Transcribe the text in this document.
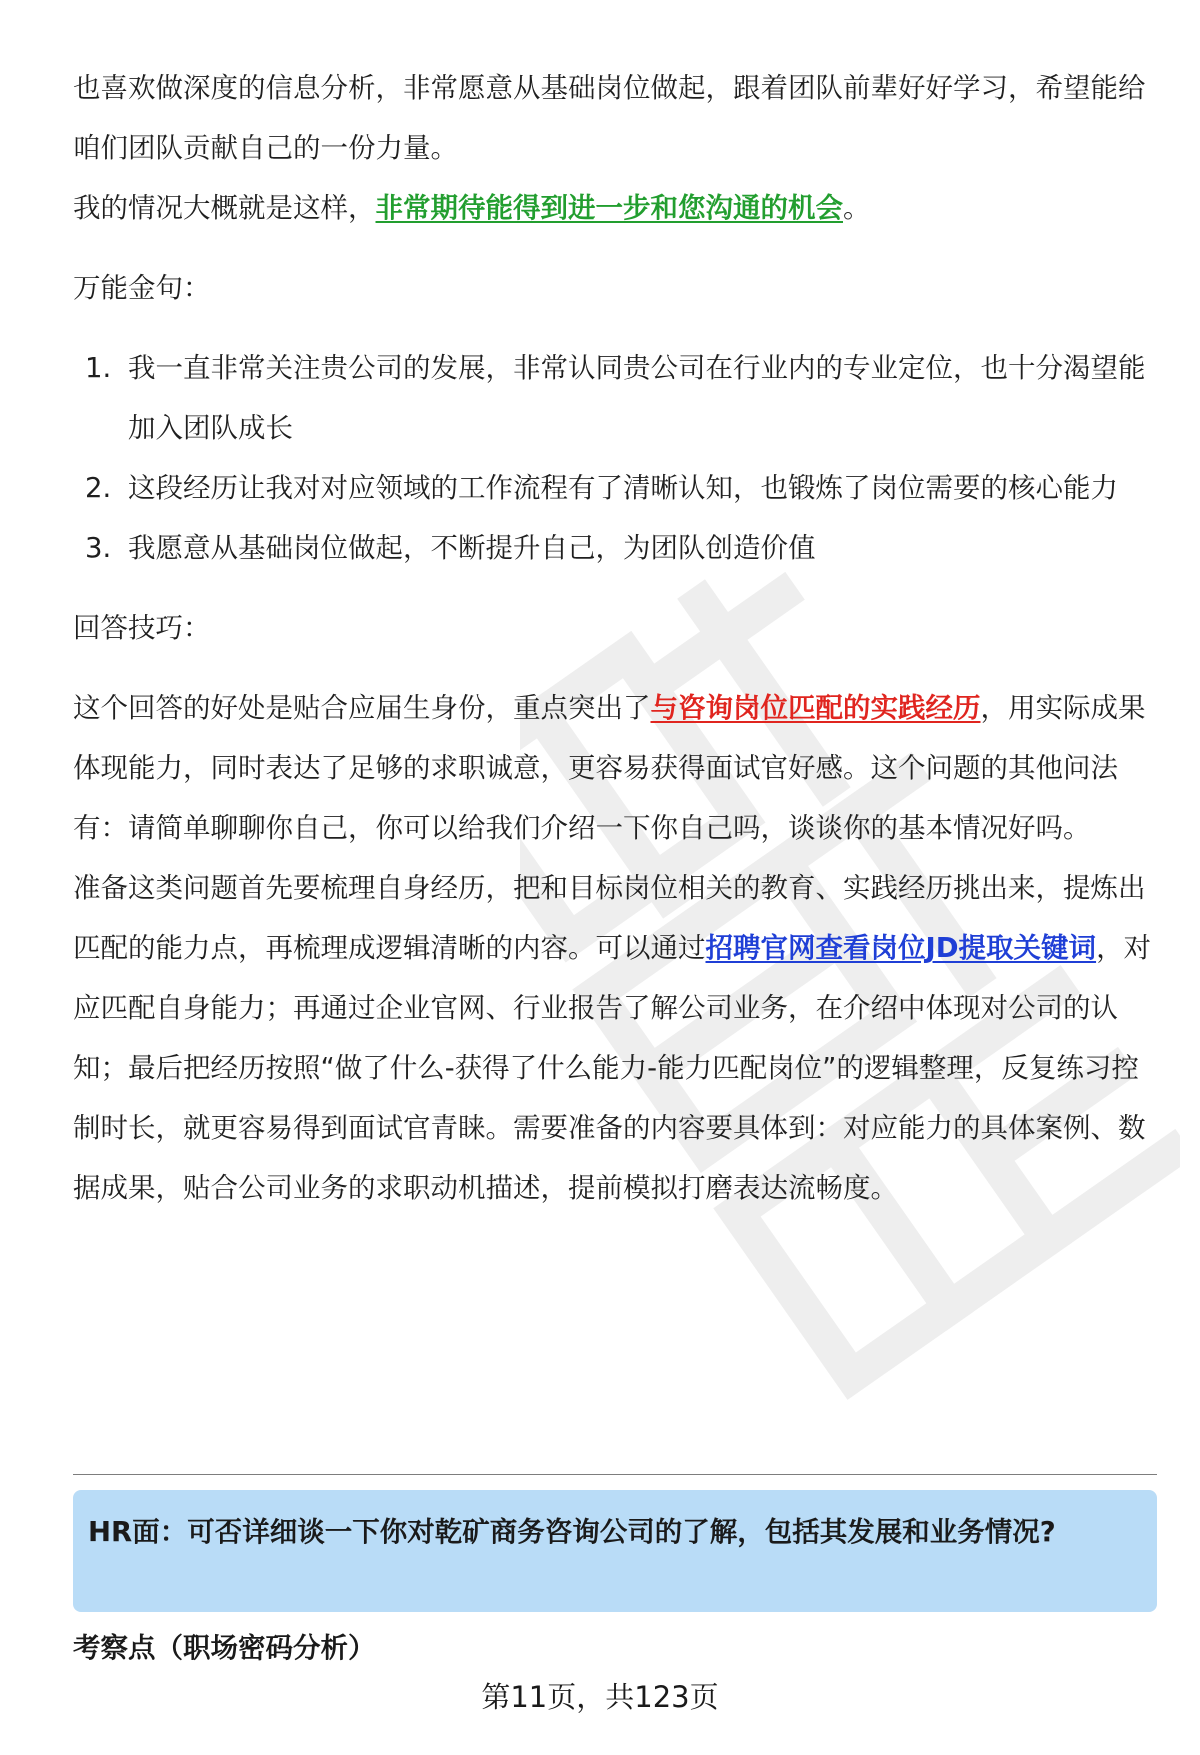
也喜欢做深度的信息分析，非常愿意从基础岗位做起，跟着团队前辈好好学习，希望能给咱们团队贡献自己的一份力量。

我的情况大概就是这样，非常期待能得到进一步和您沟通的机会。

万能金句：

1. 我一直非常关注贵公司的发展，非常认同贵公司在行业内的专业定位，也十分渴望能加入团队成长
2. 这段经历让我对对应领域的工作流程有了清晰认知，也锻炼了岗位需要的核心能力
3. 我愿意从基础岗位做起，不断提升自己，为团队创造价值

回答技巧：

这个回答的好处是贴合应届生身份，重点突出了与咨询岗位匹配的实践经历，用实际成果体现能力，同时表达了足够的求职诚意，更容易获得面试官好感。这个问题的其他问法有：请简单聊聊你自己，你可以给我们介绍一下你自己吗，谈谈你的基本情况好吗。

准备这类问题首先要梳理自身经历，把和目标岗位相关的教育、实践经历挑出来，提炼出匹配的能力点，再梳理成逻辑清晰的内容。可以通过招聘官网查看岗位JD提取关键词，对应匹配自身能力；再通过企业官网、行业报告了解公司业务，在介绍中体现对公司的认知；最后把经历按照“做了什么-获得了什么能力-能力匹配岗位”的逻辑整理，反复练习控制时长，就更容易得到面试官青睐。需要准备的内容要具体到：对应能力的具体案例、数据成果，贴合公司业务的求职动机描述，提前模拟打磨表达流畅度。

HR面：可否详细谈一下你对乾矿商务咨询公司的了解，包括其发展和业务情况?
考察点（职场密码分析）
第11页，共123页
